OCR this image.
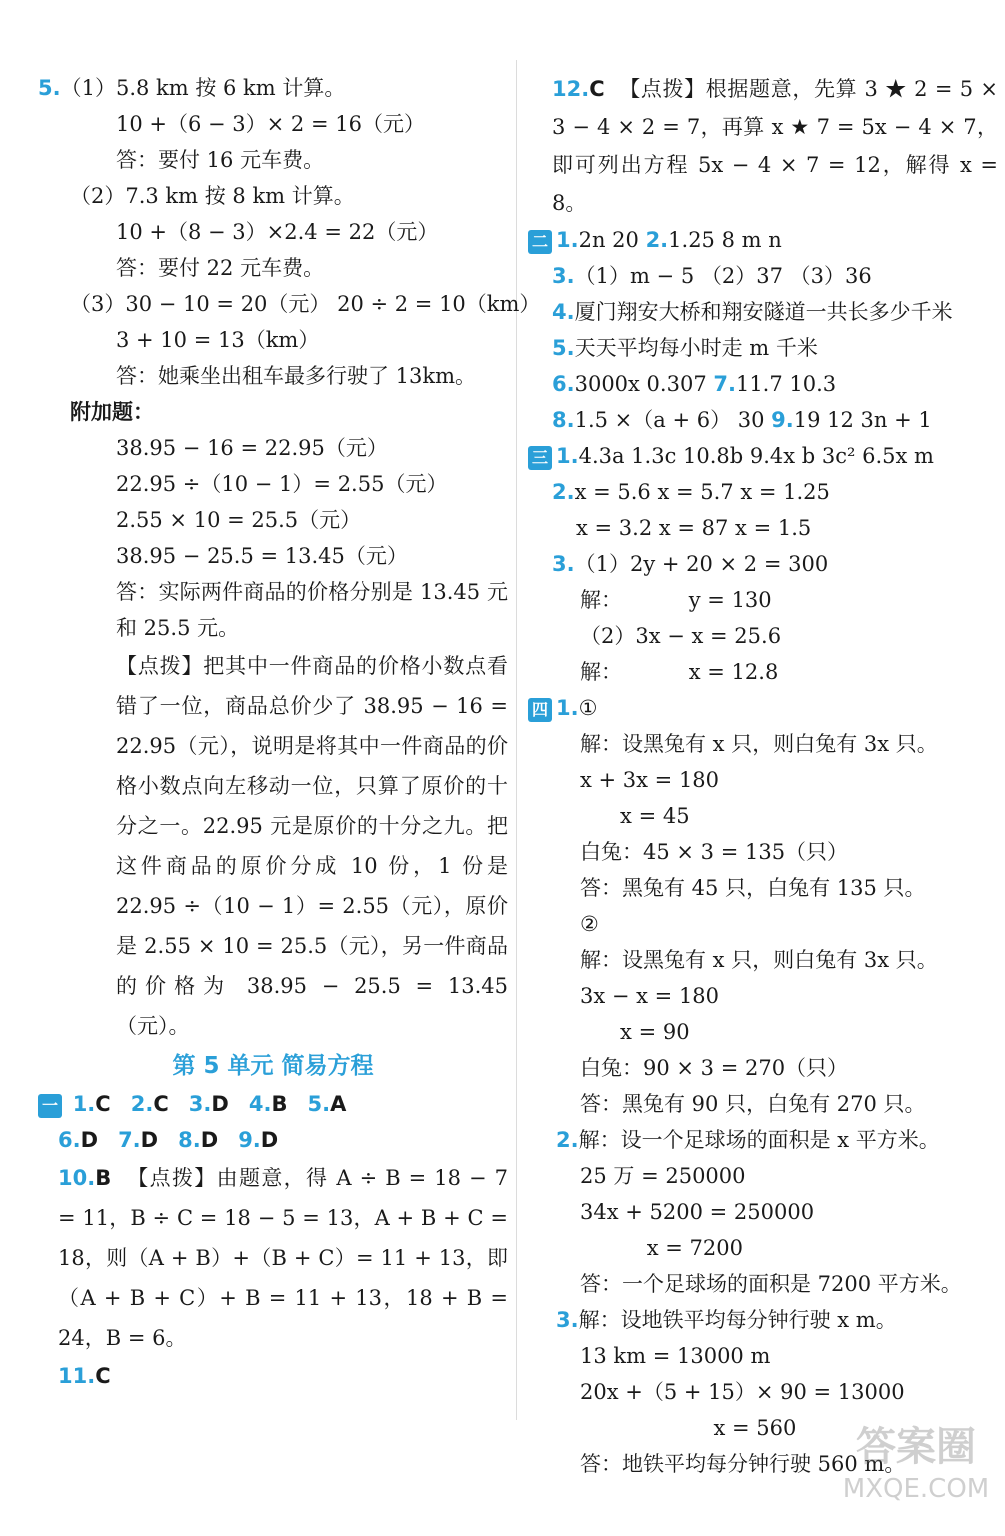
5.（1）5.8 km 按 6 km 计算。
10 +（6 − 3）× 2 = 16（元）
答：要付 16 元车费。
（2）7.3 km 按 8 km 计算。
10 +（8 − 3）×2.4 = 22（元）
答：要付 22 元车费。
（3）30 − 10 = 20（元） 20 ÷ 2 = 10（km）
3 + 10 = 13（km）
答：她乘坐出租车最多行驶了 13km。
附加题：
38.95 − 16 = 22.95（元）
22.95 ÷（10 − 1）= 2.55（元）
2.55 × 10 = 25.5（元）
38.95 − 25.5 = 13.45（元）
答：实际两件商品的价格分别是 13.45 元和 25.5 元。
【点拨】把其中一件商品的价格小数点看错了一位，商品总价少了 38.95 − 16 = 22.95（元），说明是将其中一件商品的价格小数点向左移动一位，只算了原价的十分之一。22.95 元是原价的十分之九。把这件商品的原价分成 10 份，1 份是 22.95 ÷（10 − 1）= 2.55（元），原价是 2.55 × 10 = 25.5（元），另一件商品的价格为 38.95 − 25.5 = 13.45（元）。
第 5 单元 简易方程
一 1.C 2.C 3.D 4.B 5.A
6.D 7.D 8.D 9.D
10.B 【点拨】由题意，得 A ÷ B = 18 − 7 = 11，B ÷ C = 18 − 5 = 13，A + B + C = 18，则（A + B）+（B + C）= 11 + 13，即（A + B + C）+ B = 11 + 13，18 + B = 24，B = 6。
11.C
12.C 【点拨】根据题意，先算 3 ★ 2 = 5 × 3 − 4 × 2 = 7，再算 x ★ 7 = 5x − 4 × 7，即可列出方程 5x − 4 × 7 = 12，解得 x = 8。
二 1.2n 20 2.1.25 8 m n
3.（1）m − 5 （2）37 （3）36
4.厦门翔安大桥和翔安隧道一共长多少千米
5.天天平均每小时走 m 千米
6.3000x 0.307 7.11.7 10.3
8.1.5 ×（a + 6） 30 9.19 12 3n + 1
三 1.4.3a 1.3c 10.8b 9.4x b 3c² 6.5x m
2.x = 5.6 x = 5.7 x = 1.25
x = 3.2 x = 87 x = 1.5
3.（1）2y + 20 × 2 = 300
解：          y = 130
（2）3x − x = 25.6
解：          x = 12.8
四 1.①
解：设黑兔有 x 只，则白兔有 3x 只。
x + 3x = 180
x = 45
白兔：45 × 3 = 135（只）
答：黑兔有 45 只，白兔有 135 只。
②
解：设黑兔有 x 只，则白兔有 3x 只。
3x − x = 180
x = 90
白兔：90 × 3 = 270（只）
答：黑兔有 90 只，白兔有 270 只。
2.解：设一个足球场的面积是 x 平方米。
25 万 = 250000
34x + 5200 = 250000
x = 7200
答：一个足球场的面积是 7200 平方米。
3.解：设地铁平均每分钟行驶 x m。
13 km = 13000 m
20x +（5 + 15）× 90 = 13000
x = 560
答：地铁平均每分钟行驶 560 m。
答案圈
MXQE.COM
